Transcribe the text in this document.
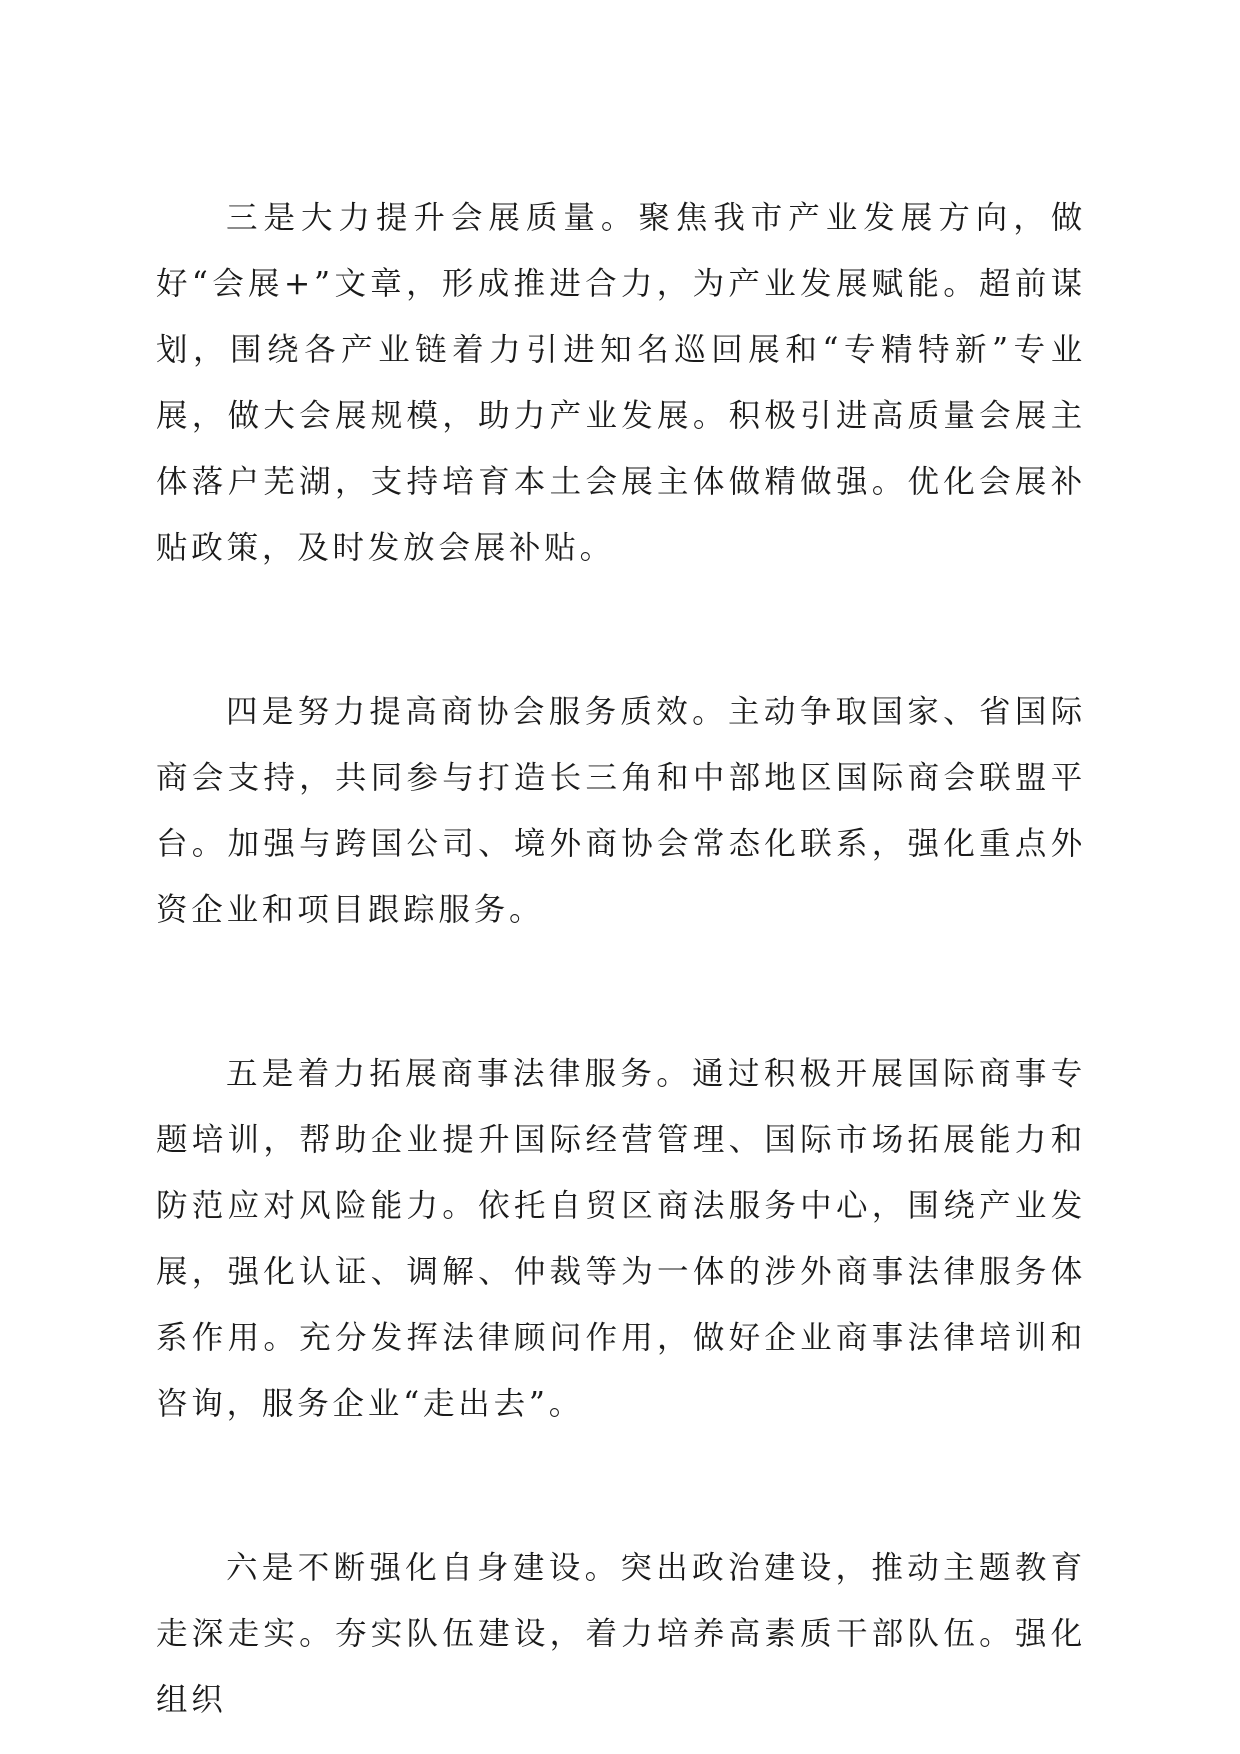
三是大力提升会展质量。聚焦我市产业发展方向，做好“会展+”文章，形成推进合力，为产业发展赋能。超前谋划，围绕各产业链着力引进知名巡回展和“专精特新”专业展，做大会展规模，助力产业发展。积极引进高质量会展主体落户芜湖，支持培育本土会展主体做精做强。优化会展补贴政策，及时发放会展补贴。

四是努力提高商协会服务质效。主动争取国家、省国际商会支持，共同参与打造长三角和中部地区国际商会联盟平台。加强与跨国公司、境外商协会常态化联系，强化重点外资企业和项目跟踪服务。

五是着力拓展商事法律服务。通过积极开展国际商事专题培训，帮助企业提升国际经营管理、国际市场拓展能力和防范应对风险能力。依托自贸区商法服务中心，围绕产业发展，强化认证、调解、仲裁等为一体的涉外商事法律服务体系作用。充分发挥法律顾问作用，做好企业商事法律培训和咨询，服务企业“走出去”。

六是不断强化自身建设。突出政治建设，推动主题教育走深走实。夯实队伍建设，着力培养高素质干部队伍。强化组织
